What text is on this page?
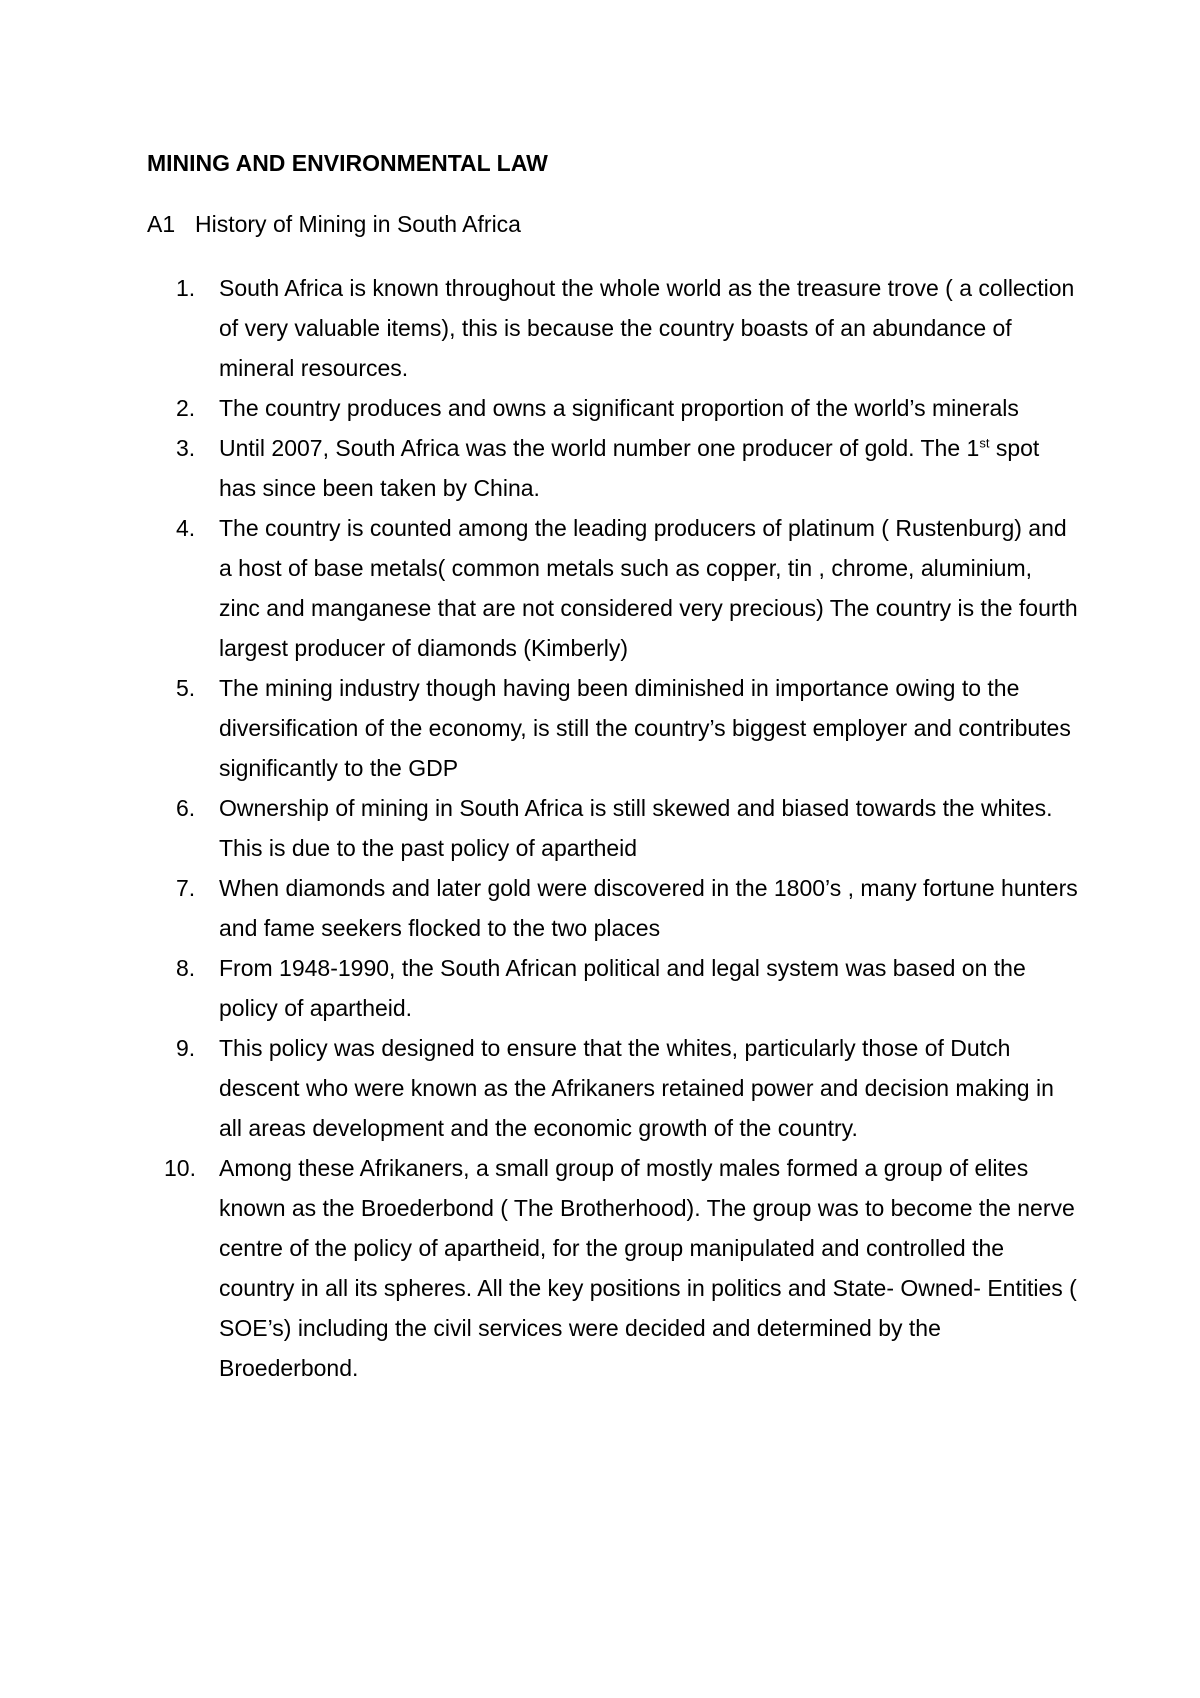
MINING AND ENVIRONMENTAL LAW
A1 History of Mining in South Africa
1.	South Africa is known throughout the whole world as the treasure trove ( a collection of very valuable items), this is because the country boasts of an abundance of mineral resources.
2.	The country produces and owns a significant proportion of the world’s minerals
3.	Until 2007, South Africa was the world number one producer of gold. The 1st spot has since been taken by China.
4.	The country is counted among the leading producers of platinum ( Rustenburg) and a host of base metals( common metals such as copper, tin , chrome, aluminium, zinc and manganese that are not considered very precious) The country is the fourth largest producer of diamonds (Kimberly)
5.	The mining industry though having been diminished in importance owing to the diversification of the economy, is still the country’s biggest employer and contributes significantly to the GDP
6.	Ownership of mining in South Africa is still skewed and biased towards the whites. This is due to the past policy of apartheid
7.	When diamonds and later gold were discovered in the 1800’s , many fortune hunters and fame seekers flocked to the two places
8.	From 1948-1990, the South African political and legal system was based on the policy of apartheid.
9.	This policy was designed to ensure that the whites, particularly those of Dutch descent who were known as the Afrikaners retained power and decision making in all areas development and the economic growth of the country.
10.	Among these Afrikaners, a small group of mostly males formed a group of elites known as the Broederbond ( The Brotherhood). The group was to become the nerve centre of the policy of apartheid, for the group manipulated and controlled the country in all its spheres. All the key positions in politics and State- Owned- Entities ( SOE’s) including the civil services were decided and determined by the Broederbond.
